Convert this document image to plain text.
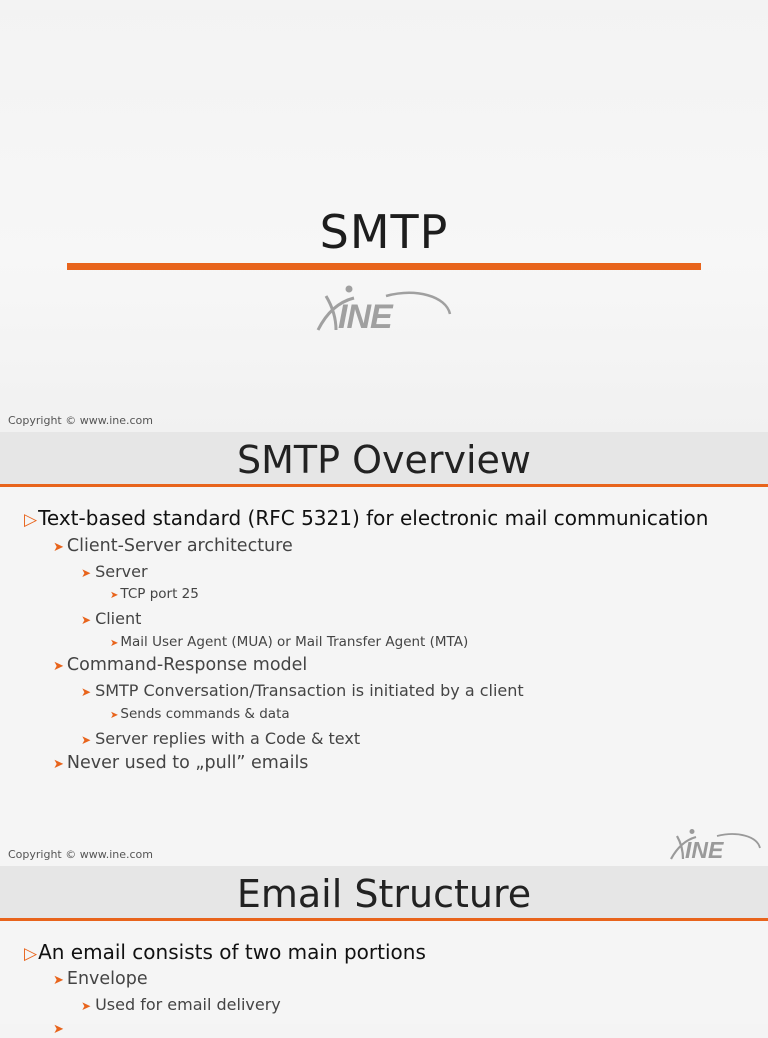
SMTP
INE
Copyright © www.ine.com
SMTP Overview
▷Text-based standard (RFC 5321) for electronic mail communication
➤ Client-Server architecture
➤ Server
➤ TCP port 25
➤ Client
➤ Mail User Agent (MUA) or Mail Transfer Agent (MTA)
➤ Command-Response model
➤ SMTP Conversation/Transaction is initiated by a client
➤ Sends commands & data
➤ Server replies with a Code & text
➤ Never used to „pull” emails
Copyright © www.ine.com	INE
Email Structure
▷An email consists of two main portions
➤ Envelope
➤ Used for email delivery
➤
